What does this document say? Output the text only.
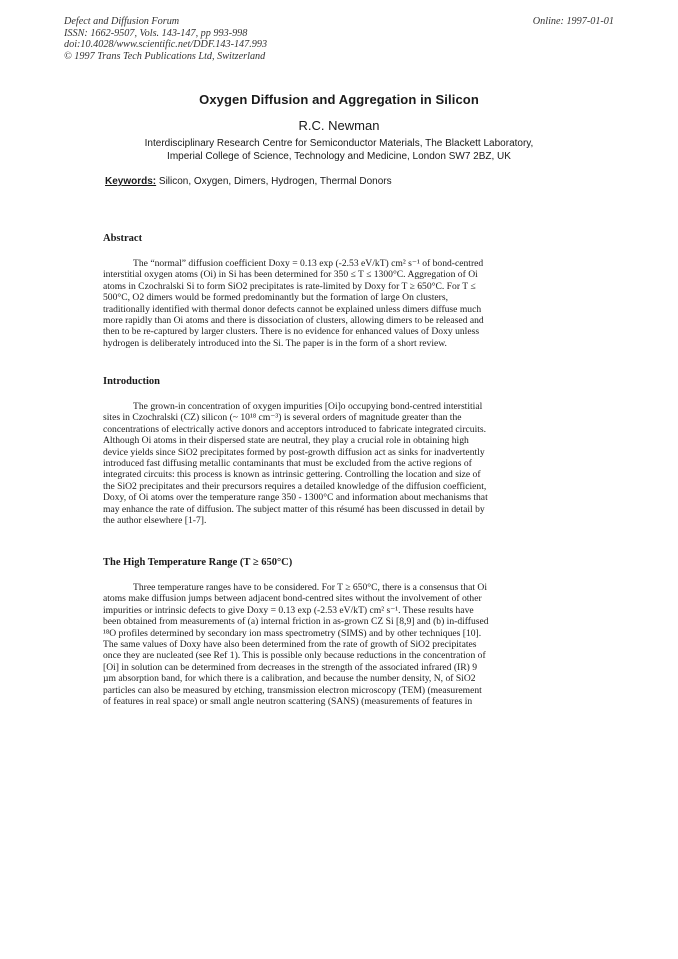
Defect and Diffusion Forum
ISSN: 1662-9507, Vols. 143-147, pp 993-998
doi:10.4028/www.scientific.net/DDF.143-147.993
© 1997 Trans Tech Publications Ltd, Switzerland
Online: 1997-01-01
Oxygen Diffusion and Aggregation in Silicon
R.C. Newman
Interdisciplinary Research Centre for Semiconductor Materials, The Blackett Laboratory,
Imperial College of Science, Technology and Medicine, London SW7 2BZ, UK
Keywords: Silicon, Oxygen, Dimers, Hydrogen, Thermal Donors
Abstract
The “normal” diffusion coefficient Doxy = 0.13 exp (-2.53 eV/kT) cm² s⁻¹ of bond-centred
interstitial oxygen atoms (Oi) in Si has been determined for 350 ≤ T ≤ 1300°C. Aggregation of Oi
atoms in Czochralski Si to form SiO2 precipitates is rate-limited by Doxy for T ≥ 650°C. For T ≤
500°C, O2 dimers would be formed predominantly but the formation of large On clusters,
traditionally identified with thermal donor defects cannot be explained unless dimers diffuse much
more rapidly than Oi atoms and there is dissociation of clusters, allowing dimers to be released and
then to be re-captured by larger clusters. There is no evidence for enhanced values of Doxy unless
hydrogen is deliberately introduced into the Si. The paper is in the form of a short review.
Introduction
The grown-in concentration of oxygen impurities [Oi]o occupying bond-centred interstitial
sites in Czochralski (CZ) silicon (~ 10¹⁸ cm⁻³) is several orders of magnitude greater than the
concentrations of electrically active donors and acceptors introduced to fabricate integrated circuits.
Although Oi atoms in their dispersed state are neutral, they play a crucial role in obtaining high
device yields since SiO2 precipitates formed by post-growth diffusion act as sinks for inadvertently
introduced fast diffusing metallic contaminants that must be excluded from the active regions of
integrated circuits: this process is known as intrinsic gettering. Controlling the location and size of
the SiO2 precipitates and their precursors requires a detailed knowledge of the diffusion coefficient,
Doxy, of Oi atoms over the temperature range 350 - 1300°C and information about mechanisms that
may enhance the rate of diffusion. The subject matter of this résumé has been discussed in detail by
the author elsewhere [1-7].
The High Temperature Range (T ≥ 650°C)
Three temperature ranges have to be considered. For T ≥ 650°C, there is a consensus that Oi
atoms make diffusion jumps between adjacent bond-centred sites without the involvement of other
impurities or intrinsic defects to give Doxy = 0.13 exp (-2.53 eV/kT) cm² s⁻¹. These results have
been obtained from measurements of (a) internal friction in as-grown CZ Si [8,9] and (b) in-diffused
¹⁸O profiles determined by secondary ion mass spectrometry (SIMS) and by other techniques [10].
The same values of Doxy have also been determined from the rate of growth of SiO2 precipitates
once they are nucleated (see Ref 1). This is possible only because reductions in the concentration of
[Oi] in solution can be determined from decreases in the strength of the associated infrared (IR) 9
µm absorption band, for which there is a calibration, and because the number density, N, of SiO2
particles can also be measured by etching, transmission electron microscopy (TEM) (measurement
of features in real space) or small angle neutron scattering (SANS) (measurements of features in
